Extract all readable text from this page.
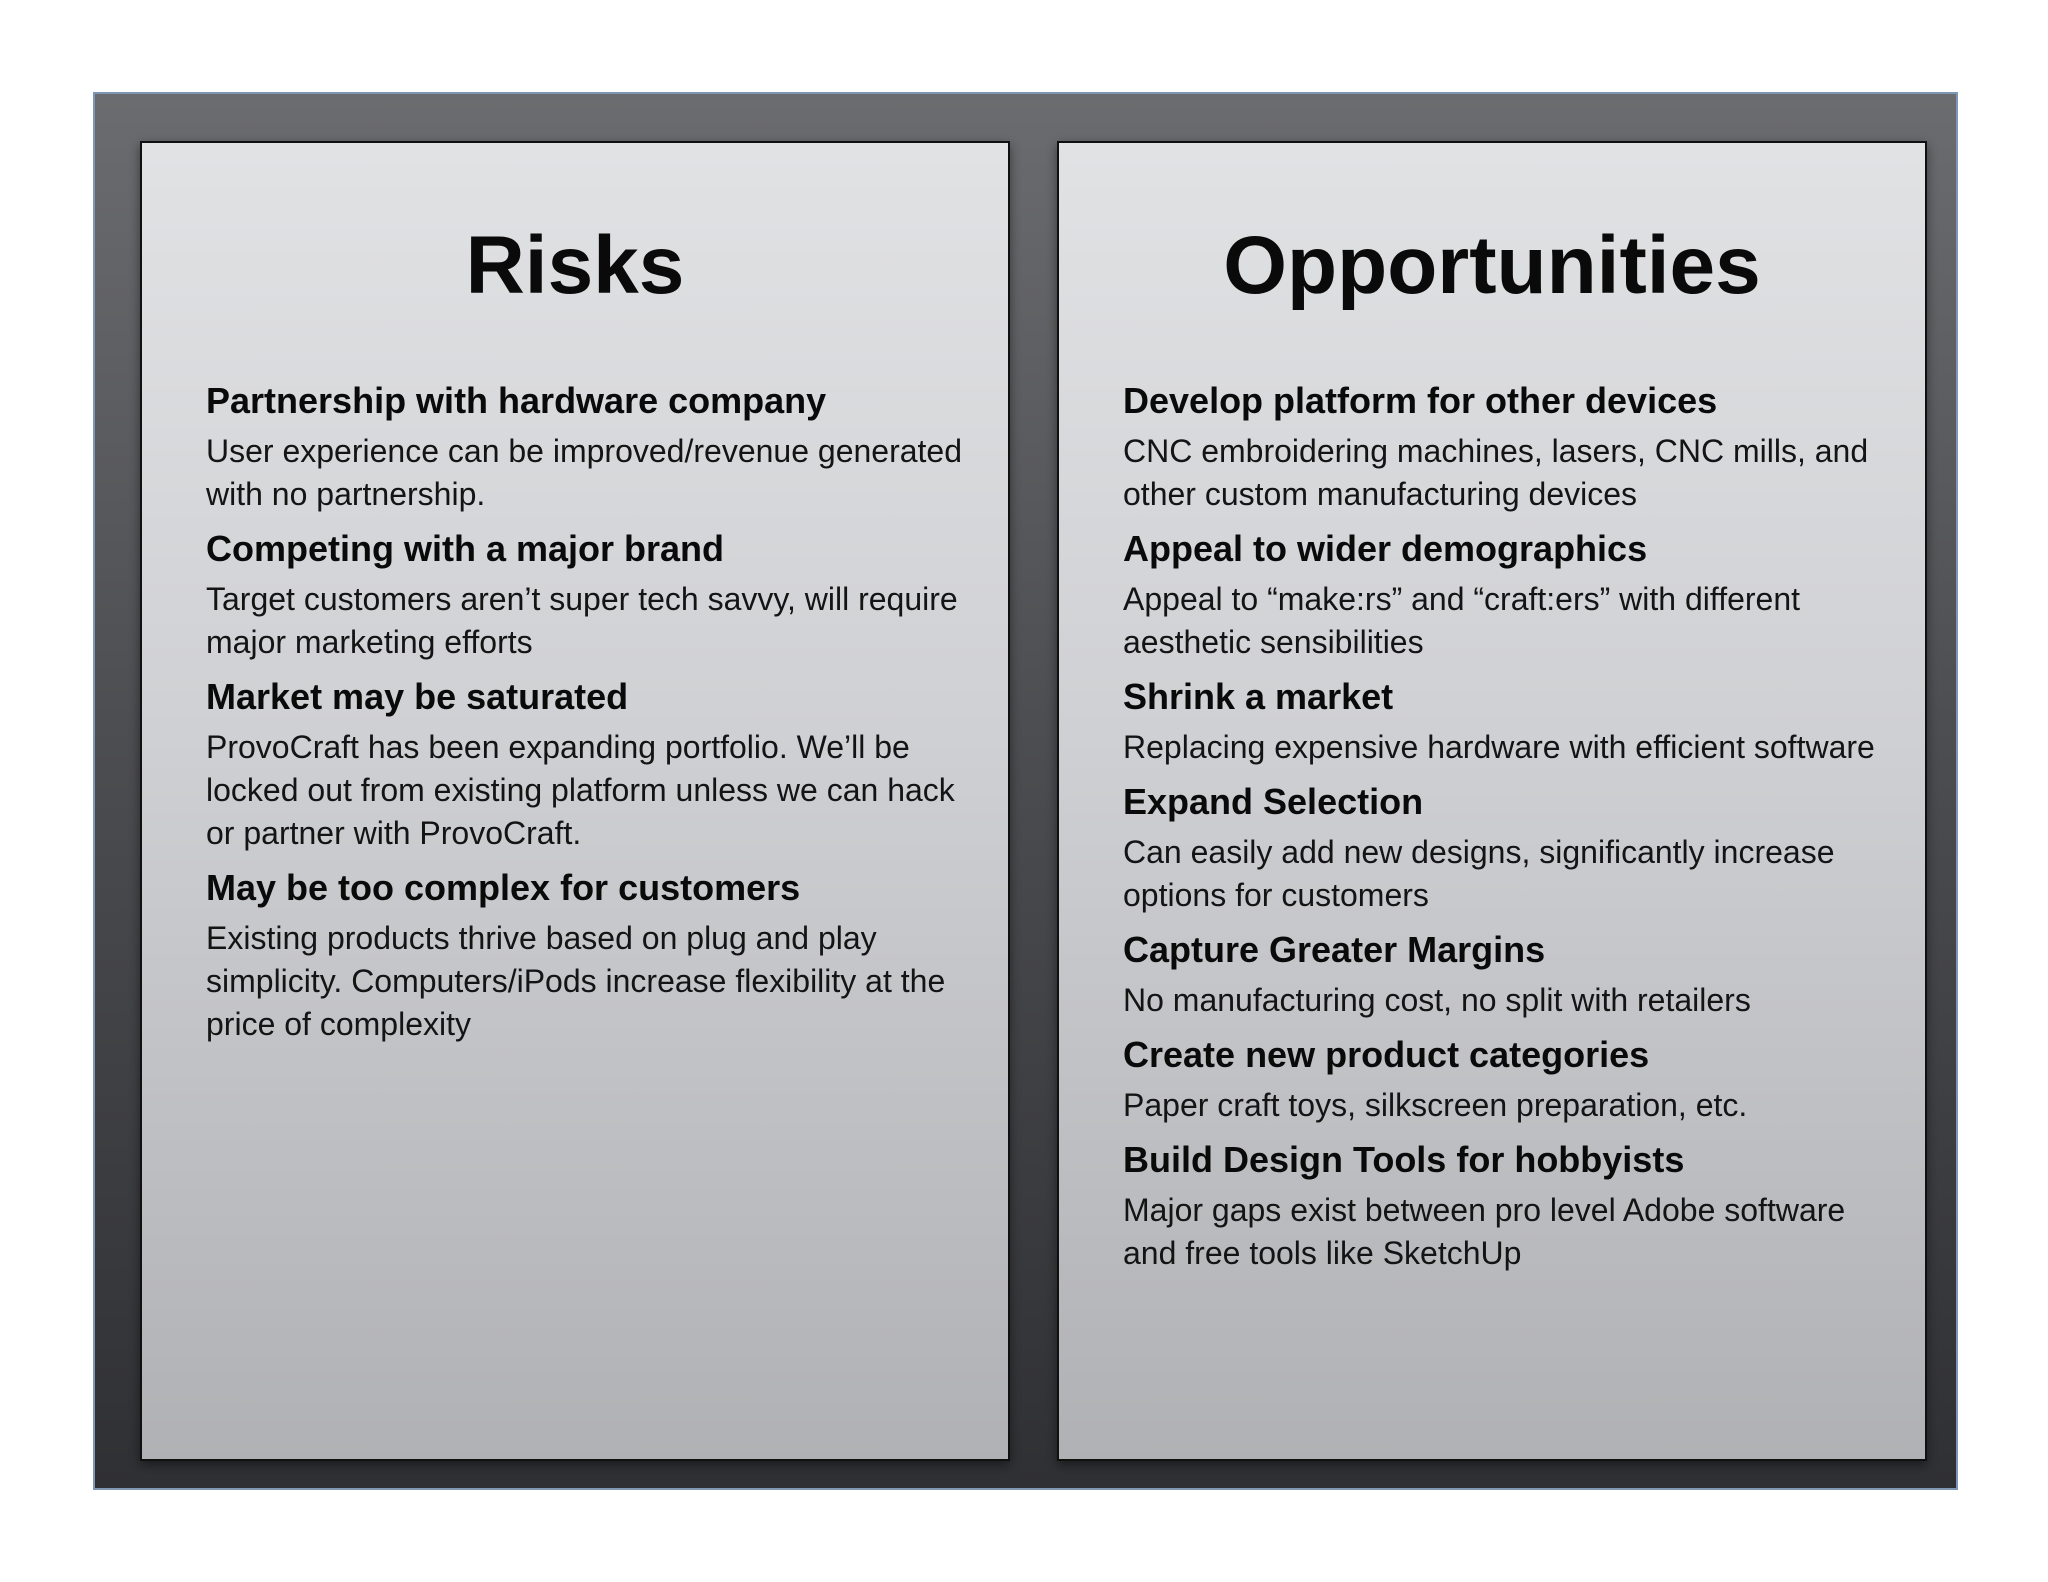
Risks

Partnership with hardware company

User experience can be improved/revenue generated with no partnership.

Competing with a major brand

Target customers aren’t super tech savvy, will require major marketing efforts

Market may be saturated

ProvoCraft has been expanding portfolio. We’ll be locked out from existing platform unless we can hack or partner with ProvoCraft.

May be too complex for customers

Existing products thrive based on plug and play simplicity. Computers/iPods increase flexibility at the price of complexity

Opportunities

Develop platform for other devices

CNC embroidering machines, lasers, CNC mills, and other custom manufacturing devices

Appeal to wider demographics

Appeal to “make:rs” and “craft:ers” with different aesthetic sensibilities

Shrink a market

Replacing expensive hardware with efficient software

Expand Selection

Can easily add new designs, significantly increase options for customers

Capture Greater Margins

No manufacturing cost, no split with retailers

Create new product categories

Paper craft toys, silkscreen preparation, etc.

Build Design Tools for hobbyists

Major gaps exist between pro level Adobe software and free tools like SketchUp
